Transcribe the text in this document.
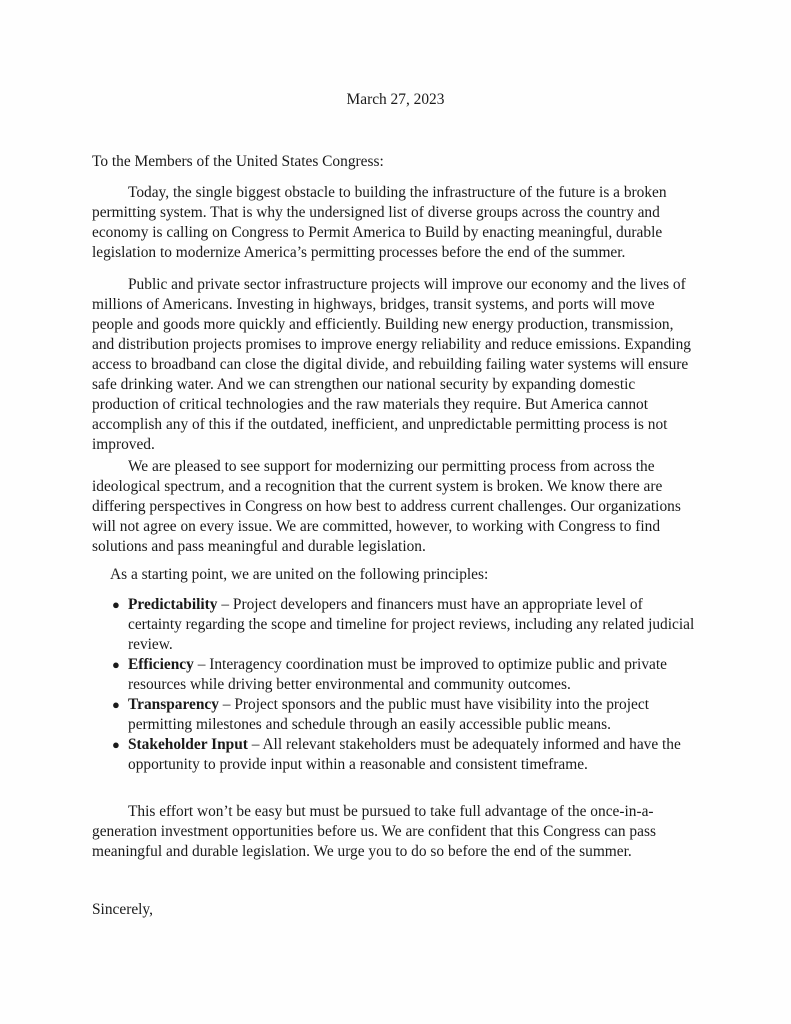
March 27, 2023
To the Members of the United States Congress:

Today, the single biggest obstacle to building the infrastructure of the future is a broken permitting system. That is why the undersigned list of diverse groups across the country and economy is calling on Congress to Permit America to Build by enacting meaningful, durable legislation to modernize America’s permitting processes before the end of the summer.

Public and private sector infrastructure projects will improve our economy and the lives of millions of Americans. Investing in highways, bridges, transit systems, and ports will move people and goods more quickly and efficiently. Building new energy production, transmission, and distribution projects promises to improve energy reliability and reduce emissions. Expanding access to broadband can close the digital divide, and rebuilding failing water systems will ensure safe drinking water. And we can strengthen our national security by expanding domestic production of critical technologies and the raw materials they require. But America cannot accomplish any of this if the outdated, inefficient, and unpredictable permitting process is not improved.

We are pleased to see support for modernizing our permitting process from across the ideological spectrum, and a recognition that the current system is broken. We know there are differing perspectives in Congress on how best to address current challenges. Our organizations will not agree on every issue. We are committed, however, to working with Congress to find solutions and pass meaningful and durable legislation.

As a starting point, we are united on the following principles:
● Predictability – Project developers and financers must have an appropriate level of certainty regarding the scope and timeline for project reviews, including any related judicial review.
● Efficiency – Interagency coordination must be improved to optimize public and private resources while driving better environmental and community outcomes.
● Transparency – Project sponsors and the public must have visibility into the project permitting milestones and schedule through an easily accessible public means.
● Stakeholder Input – All relevant stakeholders must be adequately informed and have the opportunity to provide input within a reasonable and consistent timeframe.

This effort won’t be easy but must be pursued to take full advantage of the once-in-a-generation investment opportunities before us. We are confident that this Congress can pass meaningful and durable legislation. We urge you to do so before the end of the summer.

Sincerely,
